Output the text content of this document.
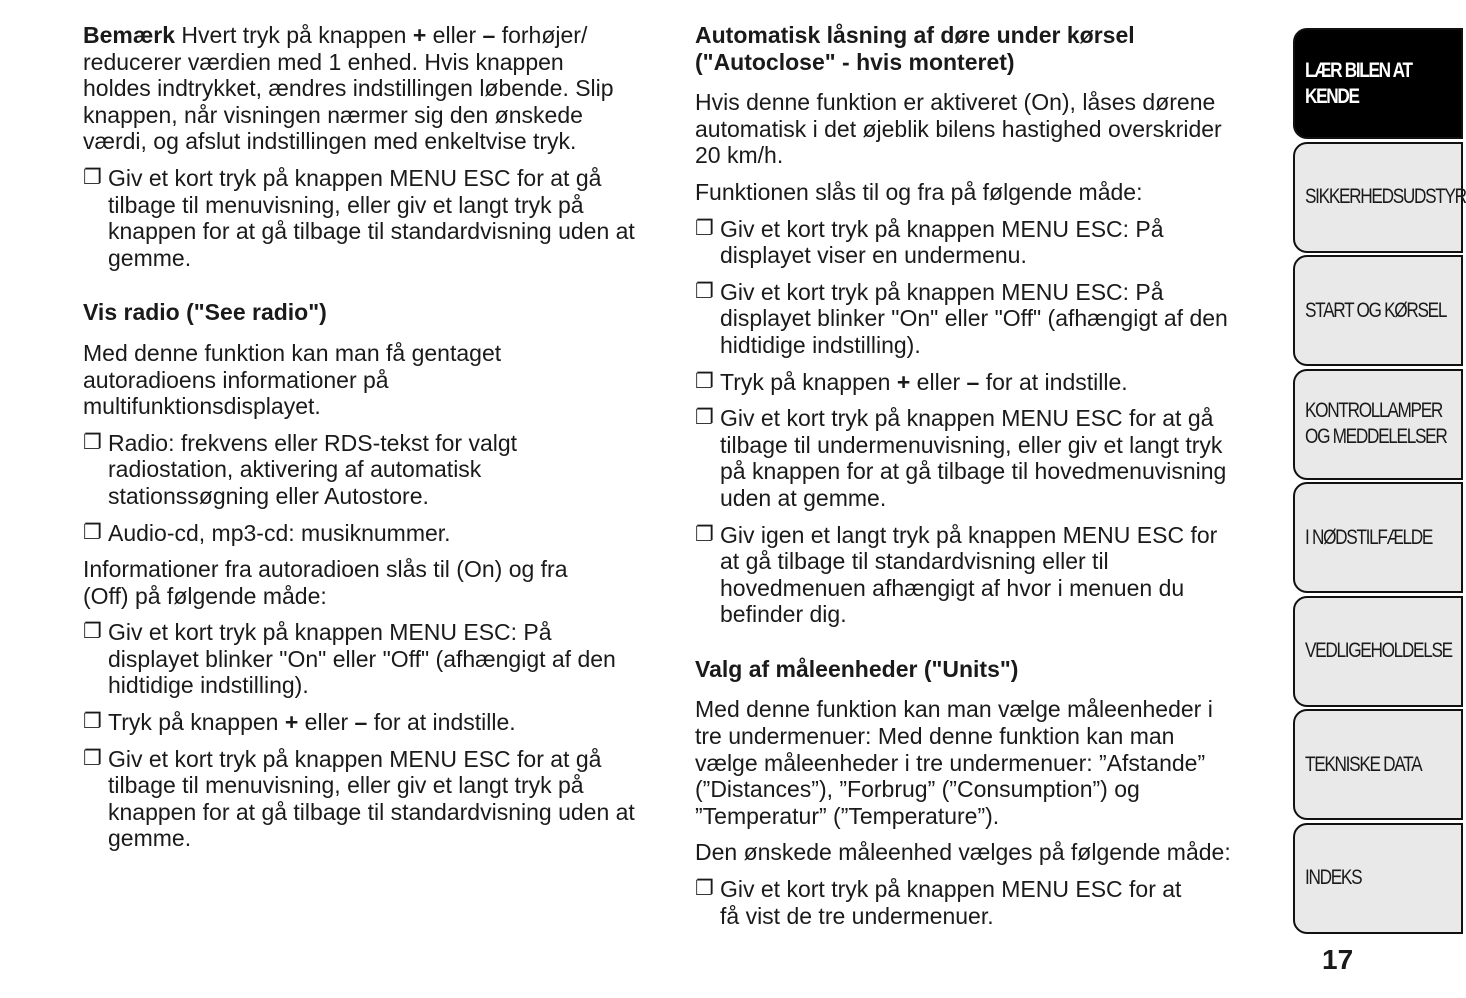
Bemærk Hvert tryk på knappen + eller – forhøjer/
reducerer værdien med 1 enhed. Hvis knappen
holdes indtrykket, ændres indstillingen løbende. Slip
knappen, når visningen nærmer sig den ønskede
værdi, og afslut indstillingen med enkeltvise tryk.
❐ Giv et kort tryk på knappen MENU ESC for at gå
tilbage til menuvisning, eller giv et langt tryk på
knappen for at gå tilbage til standardvisning uden at
gemme.
Vis radio ("See radio")
Med denne funktion kan man få gentaget
autoradioens informationer på
multifunktionsdisplayet.
❐ Radio: frekvens eller RDS-tekst for valgt
radiostation, aktivering af automatisk
stationssøgning eller Autostore.
❐ Audio-cd, mp3-cd: musiknummer.
Informationer fra autoradioen slås til (On) og fra
(Off) på følgende måde:
❐ Giv et kort tryk på knappen MENU ESC: På
displayet blinker "On" eller "Off" (afhængigt af den
hidtidige indstilling).
❐ Tryk på knappen + eller – for at indstille.
❐ Giv et kort tryk på knappen MENU ESC for at gå
tilbage til menuvisning, eller giv et langt tryk på
knappen for at gå tilbage til standardvisning uden at
gemme.
Automatisk låsning af døre under kørsel
("Autoclose" - hvis monteret)
Hvis denne funktion er aktiveret (On), låses dørene
automatisk i det øjeblik bilens hastighed overskrider
20 km/h.
Funktionen slås til og fra på følgende måde:
❐ Giv et kort tryk på knappen MENU ESC: På
displayet viser en undermenu.
❐ Giv et kort tryk på knappen MENU ESC: På
displayet blinker "On" eller "Off" (afhængigt af den
hidtidige indstilling).
❐ Tryk på knappen + eller – for at indstille.
❐ Giv et kort tryk på knappen MENU ESC for at gå
tilbage til undermenuvisning, eller giv et langt tryk
på knappen for at gå tilbage til hovedmenuvisning
uden at gemme.
❐ Giv igen et langt tryk på knappen MENU ESC for
at gå tilbage til standardvisning eller til
hovedmenuen afhængigt af hvor i menuen du
befinder dig.
Valg af måleenheder ("Units")
Med denne funktion kan man vælge måleenheder i
tre undermenuer: Med denne funktion kan man
vælge måleenheder i tre undermenuer: ”Afstande”
(”Distances”), ”Forbrug” (”Consumption”) og
”Temperatur” (”Temperature”).
Den ønskede måleenhed vælges på følgende måde:
❐ Giv et kort tryk på knappen MENU ESC for at
få vist de tre undermenuer.
LÆR BILEN AT
KENDE
SIKKERHEDSUDSTYR
START OG KØRSEL
KONTROLLAMPER
OG MEDDELELSER
I NØDSTILFÆLDE
VEDLIGEHOLDELSE
TEKNISKE DATA
INDEKS
17
